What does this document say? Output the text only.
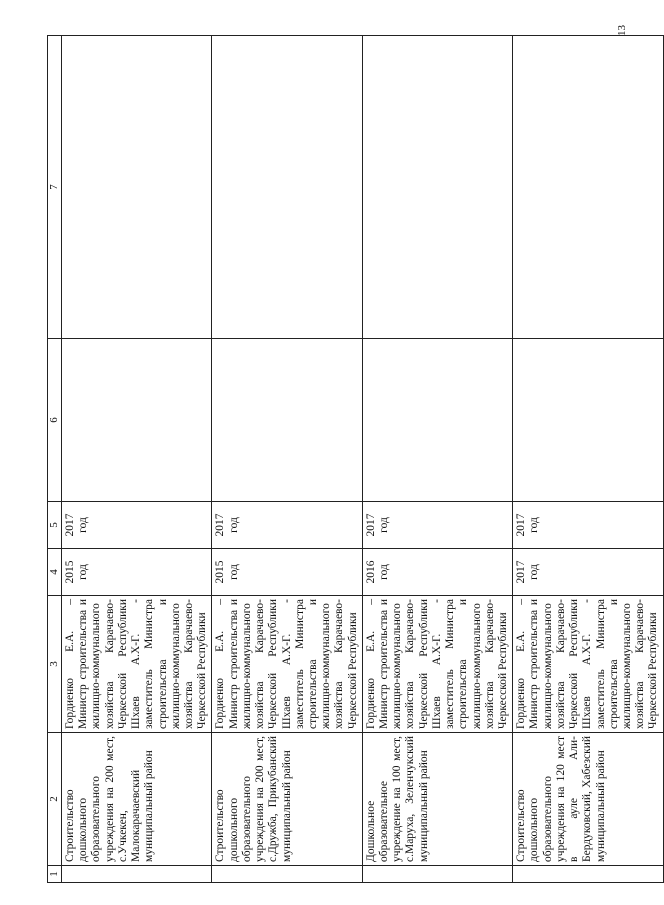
13
1	2	3	4	5	6	7
	Строительство дошкольного образовательного учреждения на 200 мест, с.Учкекен, Малокарачаевский муниципальный район	Гордиенко Е.А. – Министр строительства и жилищно-коммунального хозяйства Карачаево-Черкесской Республики Шхаев А.Х-Г. - заместитель Министра строительства и жилищно-коммунального хозяйства Карачаево-Черкесской Республики	2015 год	2017 год		
	Строительство дошкольного образовательного учреждения на 200 мест, с.Дружба, Прикубанский муниципальный район	Гордиенко Е.А. – Министр строительства и жилищно-коммунального хозяйства Карачаево-Черкесской Республики Шхаев А.Х-Г. - заместитель Министра строительства и жилищно-коммунального хозяйства Карачаево-Черкесской Республики	2015 год	2017 год		
	Дошкольное образовательное учреждение на 100 мест, с.Маруха, Зеленчукский муниципальный район	Гордиенко Е.А. – Министр строительства и жилищно-коммунального хозяйства Карачаево-Черкесской Республики Шхаев А.Х-Г. - заместитель Министра строительства и жилищно-коммунального хозяйства Карачаево-Черкесской Республики	2016 год	2017 год		
	Строительство дошкольного образовательного учреждения на 120 мест в ауле Али-Бердуковский, Хабезский муниципальный район	Гордиенко Е.А. – Министр строительства и жилищно-коммунального хозяйства Карачаево-Черкесской Республики Шхаев А.Х-Г. - заместитель Министра строительства и жилищно-коммунального хозяйства Карачаево-Черкесской Республики	2017 год	2017 год		
